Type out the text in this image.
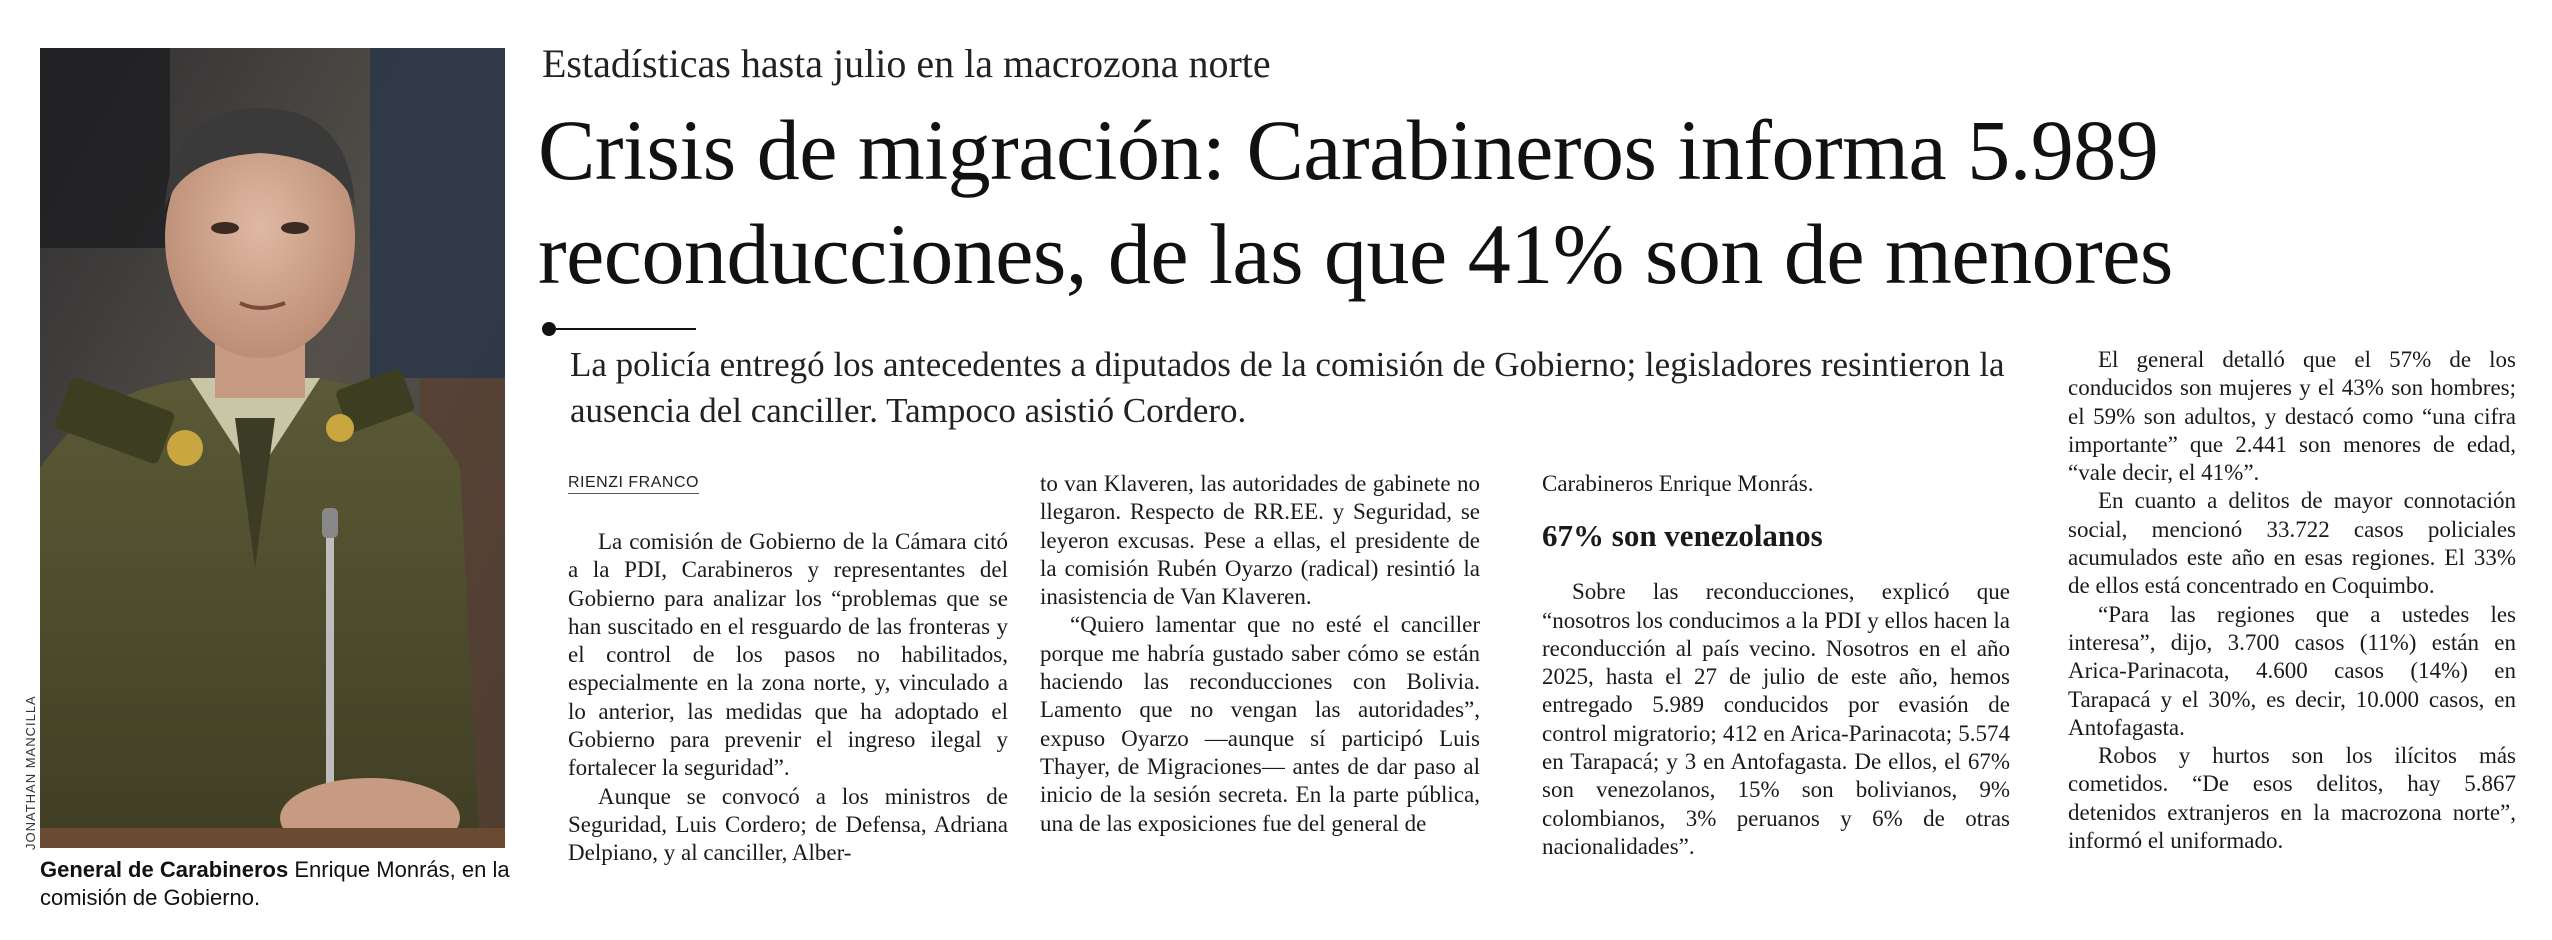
JONATHAN MANCILLA
General de Carabineros Enrique Monrás, en la comisión de Gobierno.
Estadísticas hasta julio en la macrozona norte
Crisis de migración: Carabineros informa 5.989 reconducciones, de las que 41% son de menores
La policía entregó los antecedentes a diputados de la comisión de Gobierno; legisladores resintieron la ausencia del canciller. Tampoco asistió Cordero.
RIENZI FRANCO

La comisión de Gobierno de la Cámara citó a la PDI, Carabineros y representantes del Gobierno para analizar los “problemas que se han suscitado en el resguardo de las fronteras y el control de los pasos no habilitados, especialmente en la zona norte, y, vinculado a lo anterior, las medidas que ha adoptado el Gobierno para prevenir el ingreso ilegal y fortalecer la seguridad”.

Aunque se convocó a los ministros de Seguridad, Luis Cordero; de Defensa, Adriana Delpiano, y al canciller, Alber-

to van Klaveren, las autoridades de gabinete no llegaron. Respecto de RR.EE. y Seguridad, se leyeron excusas. Pese a ellas, el presidente de la comisión Rubén Oyarzo (radical) resintió la inasistencia de Van Klaveren.

“Quiero lamentar que no esté el canciller porque me habría gustado saber cómo se están haciendo las reconducciones con Bolivia. Lamento que no vengan las autoridades”, expuso Oyarzo —aunque sí participó Luis Thayer, de Migraciones— antes de dar paso al inicio de la sesión secreta. En la parte pública, una de las exposiciones fue del general de

Carabineros Enrique Monrás.

67% son venezolanos

Sobre las reconducciones, explicó que “nosotros los conducimos a la PDI y ellos hacen la reconducción al país vecino. Nosotros en el año 2025, hasta el 27 de julio de este año, hemos entregado 5.989 conducidos por evasión de control migratorio; 412 en Arica-Parinacota; 5.574 en Tarapacá; y 3 en Antofagasta. De ellos, el 67% son venezolanos, 15% son bolivianos, 9% colombianos, 3% peruanos y 6% de otras nacionalidades”.

El general detalló que el 57% de los conducidos son mujeres y el 43% son hombres; el 59% son adultos, y destacó como “una cifra importante” que 2.441 son menores de edad, “vale decir, el 41%”.

En cuanto a delitos de mayor connotación social, mencionó 33.722 casos policiales acumulados este año en esas regiones. El 33% de ellos está concentrado en Coquimbo.

“Para las regiones que a ustedes les interesa”, dijo, 3.700 casos (11%) están en Arica-Parinacota, 4.600 casos (14%) en Tarapacá y el 30%, es decir, 10.000 casos, en Antofagasta.

Robos y hurtos son los ilícitos más cometidos. “De esos delitos, hay 5.867 detenidos extranjeros en la macrozona norte”, informó el uniformado.
